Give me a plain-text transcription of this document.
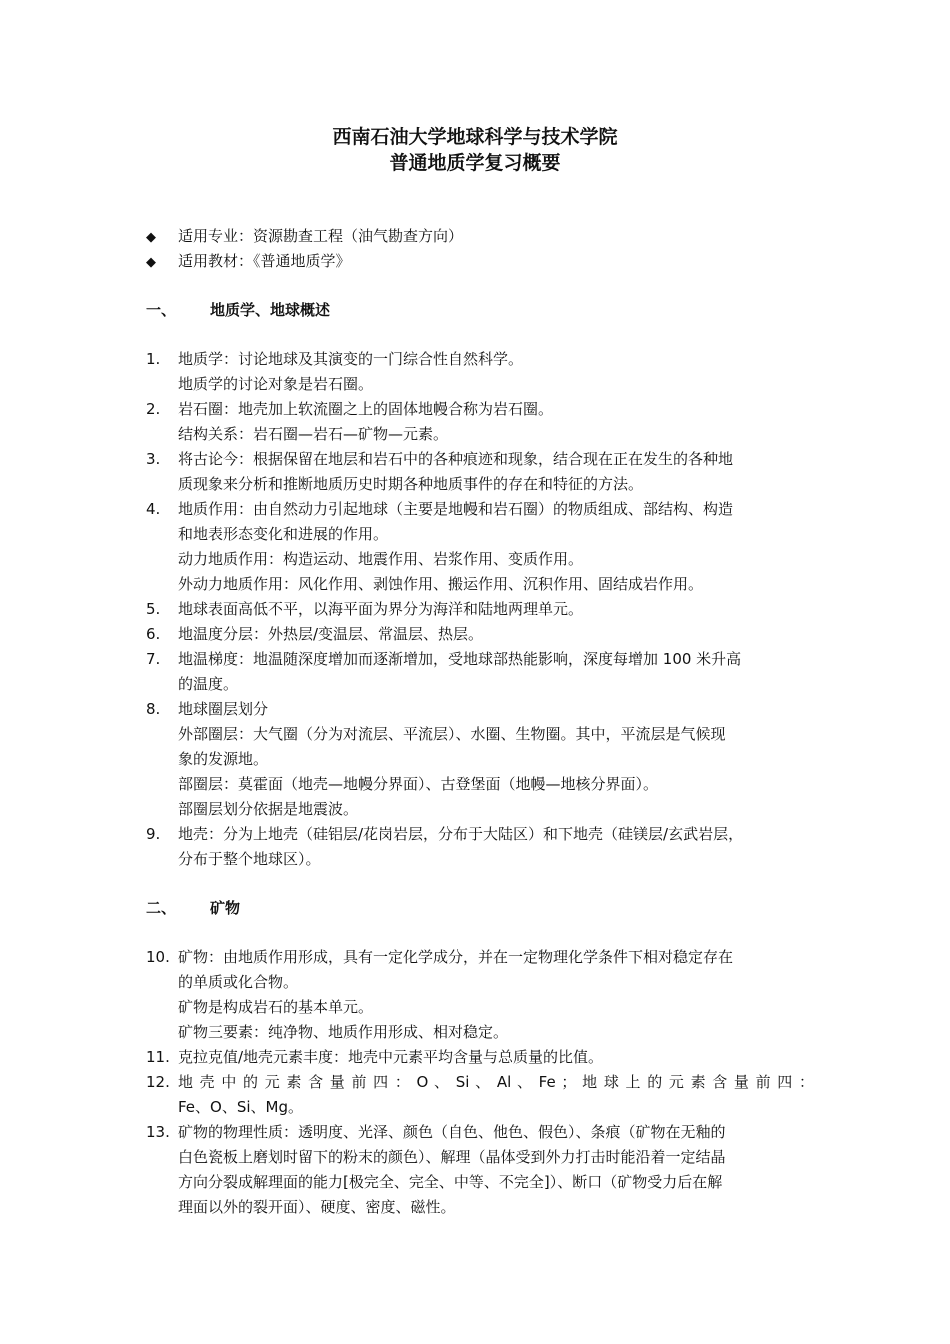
西南石油大学地球科学与技术学院
普通地质学复习概要
◆ 适用专业：资源勘查工程（油气勘查方向）
◆ 适用教材：《普通地质学》
一、 地质学、地球概述
1.	地质学：讨论地球及其演变的一门综合性自然科学。
地质学的讨论对象是岩石圈。
2.	岩石圈：地壳加上软流圈之上的固体地幔合称为岩石圈。
结构关系：岩石圈—岩石—矿物—元素。
3.	将古论今：根据保留在地层和岩石中的各种痕迹和现象，结合现在正在发生的各种地
质现象来分析和推断地质历史时期各种地质事件的存在和特征的方法。
4.	地质作用：由自然动力引起地球（主要是地幔和岩石圈）的物质组成、部结构、构造
和地表形态变化和进展的作用。
动力地质作用：构造运动、地震作用、岩浆作用、变质作用。
外动力地质作用：风化作用、剥蚀作用、搬运作用、沉积作用、固结成岩作用。
5.	地球表面高低不平，以海平面为界分为海洋和陆地两理单元。
6.	地温度分层：外热层/变温层、常温层、热层。
7.	地温梯度：地温随深度增加而逐渐增加，受地球部热能影响，深度每增加 100 米升高
的温度。
8.	地球圈层划分
外部圈层：大气圈（分为对流层、平流层）、水圈、生物圈。其中，平流层是气候现
象的发源地。
部圈层：莫霍面（地壳—地幔分界面）、古登堡面（地幔—地核分界面）。
部圈层划分依据是地震波。
9.	地壳：分为上地壳（硅铝层/花岗岩层，分布于大陆区）和下地壳（硅镁层/玄武岩层，
分布于整个地球区）。
二、 矿物
10. 矿物：由地质作用形成，具有一定化学成分，并在一定物理化学条件下相对稳定存在
的单质或化合物。
矿物是构成岩石的基本单元。
矿物三要素：纯净物、地质作用形成、相对稳定。
11. 克拉克值/地壳元素丰度：地壳中元素平均含量与总质量的比值。
12. 地 壳 中 的 元 素 含 量 前 四 ： O 、 Si 、 Al 、 Fe ； 地 球 上 的 元 素 含 量 前 四 ：
Fe、O、Si、Mg。
13. 矿物的物理性质：透明度、光泽、颜色（自色、他色、假色）、条痕（矿物在无釉的
白色瓷板上磨划时留下的粉末的颜色）、解理（晶体受到外力打击时能沿着一定结晶
方向分裂成解理面的能力[极完全、完全、中等、不完全]）、断口（矿物受力后在解
理面以外的裂开面）、硬度、密度、磁性。
